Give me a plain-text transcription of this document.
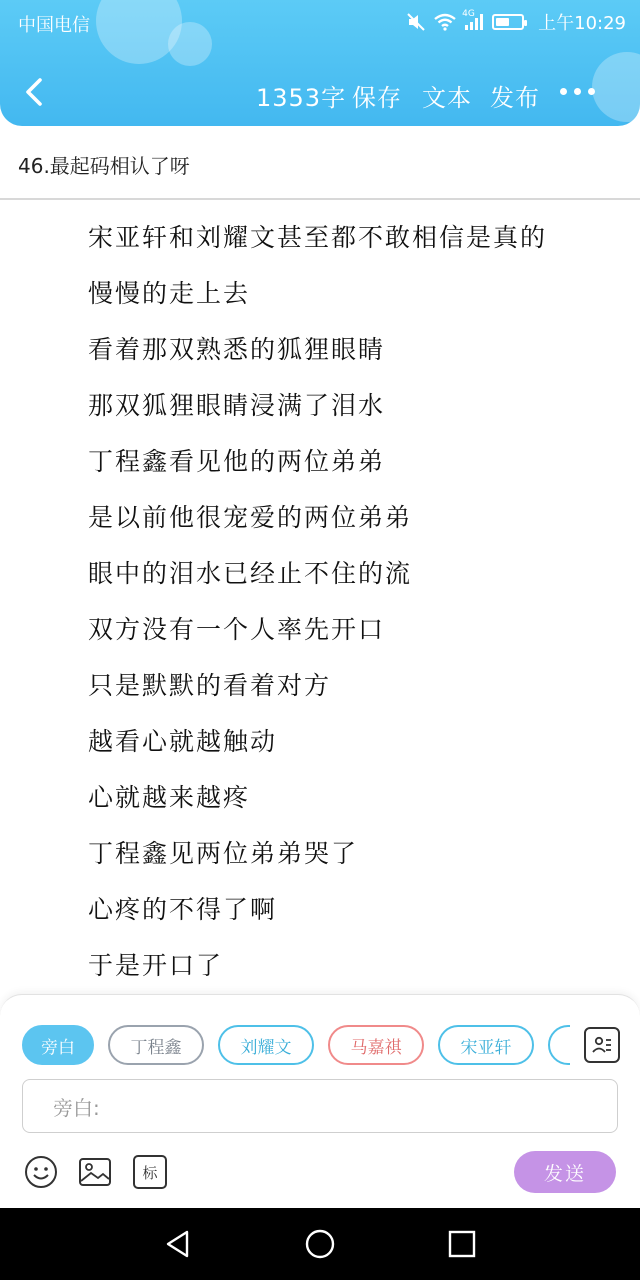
中国电信
4G	上午10:29
1353字 保存 文本 发布
46.最起码相认了呀
宋亚轩和刘耀文甚至都不敢相信是真的
慢慢的走上去
看着那双熟悉的狐狸眼睛
那双狐狸眼睛浸满了泪水
丁程鑫看见他的两位弟弟
是以前他很宠爱的两位弟弟
眼中的泪水已经止不住的流
双方没有一个人率先开口
只是默默的看着对方
越看心就越触动
心就越来越疼
丁程鑫见两位弟弟哭了
心疼的不得了啊
于是开口了
旁白	丁程鑫	刘耀文	马嘉祺	宋亚轩
旁白:
标	发送
